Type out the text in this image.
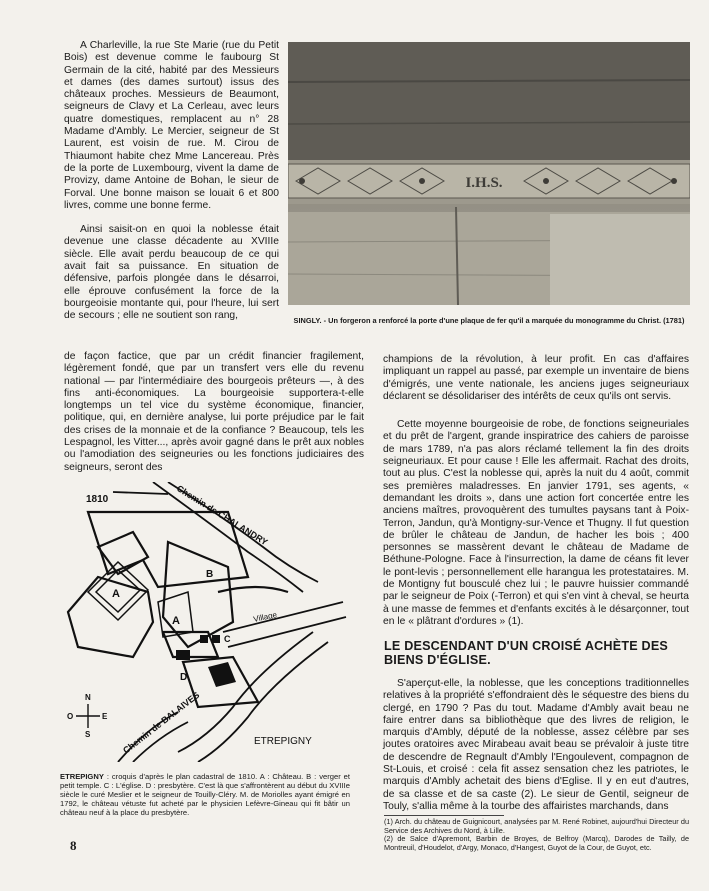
A Charleville, la rue Ste Marie (rue du Petit Bois) est devenue comme le faubourg St Germain de la cité, habité par des Messieurs et dames (des dames surtout) issus des châteaux proches. Messieurs de Beaumont, seigneurs de Clavy et La Cerleau, avec leurs quatre domestiques, remplacent au n° 28 Madame d'Ambly. Le Mercier, seigneur de St Laurent, est voisin de rue. M. Cirou de Thiaumont habite chez Mme Lancereau. Près de la porte de Luxembourg, vivent la dame de Provizy, dame Antoine de Bohan, le sieur de Forval. Une bonne maison se louait 6 et 800 livres, comme une bonne ferme.

Ainsi saisit-on en quoi la noblesse était devenue une classe décadente au XVIIIe siècle. Elle avait perdu beaucoup de ce qui avait fait sa puissance. En situation de défensive, parfois plongée dans le désarroi, elle éprouve confusément la force de la bourgeoisie montante qui, pour l'heure, lui sert de secours ; elle ne soutient son rang,

I.H.S.
SINGLY. - Un forgeron a renforcé la porte d'une plaque de fer qu'il a marquée du monogramme du Christ. (1781)

de façon factice, que par un crédit financier fragilement, légèrement fondé, que par un transfert vers elle du revenu national — par l'intermédiaire des bourgeois prêteurs —, à des fins anti-économiques. La bourgeoisie supportera-t-elle longtemps un tel vice du système économique, financier, politique, qui, en dernière analyse, lui porte préjudice par le fait des crises de la monnaie et de la confiance ? Beaucoup, tels les Lespagnol, les Vitter..., après avoir gagné dans le prêt aux nobles ou l'amodiation des seigneuries ou les fonctions judiciaires des seigneurs, seront des

champions de la révolution, à leur profit. En cas d'affaires impliquant un rappel au passé, par exemple un inventaire de biens d'émigrés, une vente nationale, les anciens juges seigneuriaux déclarent se désolidariser des intérêts de ceux qu'ils ont servis.

Cette moyenne bourgeoisie de robe, de fonctions seigneuriales et du prêt de l'argent, grande inspiratrice des cahiers de paroisse de mars 1789, n'a pas alors réclamé tellement la fin des droits seigneuriaux. Et pour cause ! Elle les affermait. Rachat des droits, tout au plus. C'est la noblesse qui, après la nuit du 4 août, commit ses premières maladresses. En janvier 1791, ses agents, « demandant les droits », dans une action fort concertée entre les anciens maîtres, provoquèrent des tumultes paysans tant à Poix-Terron, Jandun, qu'à Montigny-sur-Vence et Thugny. Il fut question de brûler le château de Jandun, de hacher les bois ; 400 personnes se massèrent devant le château de Madame de Béthune-Pologne. Face à l'insurrection, la dame de céans fit lever le pont-levis ; personnellement elle harangua les protestataires. M. de Montigny fut bousculé chez lui ; le pauvre huissier commandé par le seigneur de Poix (-Terron) et qui s'en vint à cheval, se heurta à une masse de femmes et d'enfants excités à le désarçonner, tout en le « plâtrant d'ordures » (1).

LE DESCENDANT D'UN CROISÉ ACHÈTE DES BIENS D'ÉGLISE.

S'aperçut-elle, la noblesse, que les conceptions traditionnelles relatives à la propriété s'effondraient dès le séquestre des biens du clergé, en 1790 ? Pas du tout. Madame d'Ambly avait beau ne faire entrer dans sa bibliothèque que des livres de religion, le marquis d'Ambly, député de la noblesse, assez célèbre par ses joutes oratoires avec Mirabeau avait beau se prévaloir à juste titre de descendre de Regnault d'Ambly l'Engoulevent, compagnon de St-Louis, et croisé : cela fit assez sensation chez les patriotes, le marquis d'Ambly achetait des biens d'Eglise. Il y en eut d'autres, de sa classe et de sa caste (2). Le sieur de Gentil, seigneur de Touly, s'allia même à la tourbe des affairistes marchands, dans

(1) Arch. du château de Guignicourt, analysées par M. René Robinet, aujourd'hui Directeur du Service des Archives du Nord, à Lille.

(2) de Salce d'Apremont, Barbin de Broyes, de Belfroy (Marcq), Darodes de Tailly, de Montreuil, d'Houdelot, d'Argy, Monaco, d'Hangest, Guyot de la Cour, de Guyot, etc.

1810	Chemin de CHALANDRY
Village
Chemin de BALAIVES	ETREPIGNY
A
A
B
C
D
N
O	E
S
ETREPIGNY : croquis d'après le plan cadastral de 1810. A : Château. B : verger et petit temple. C : L'église. D : presbytère. C'est là que s'affrontèrent au début du XVIIIe siècle le curé Meslier et le seigneur de Touilly-Cléry. M. de Moriolles ayant émigré en 1792, le château vétuste fut acheté par le physicien Lefèvre-Gineau qui fit bâtir un château neuf à la place du presbytère.
8
